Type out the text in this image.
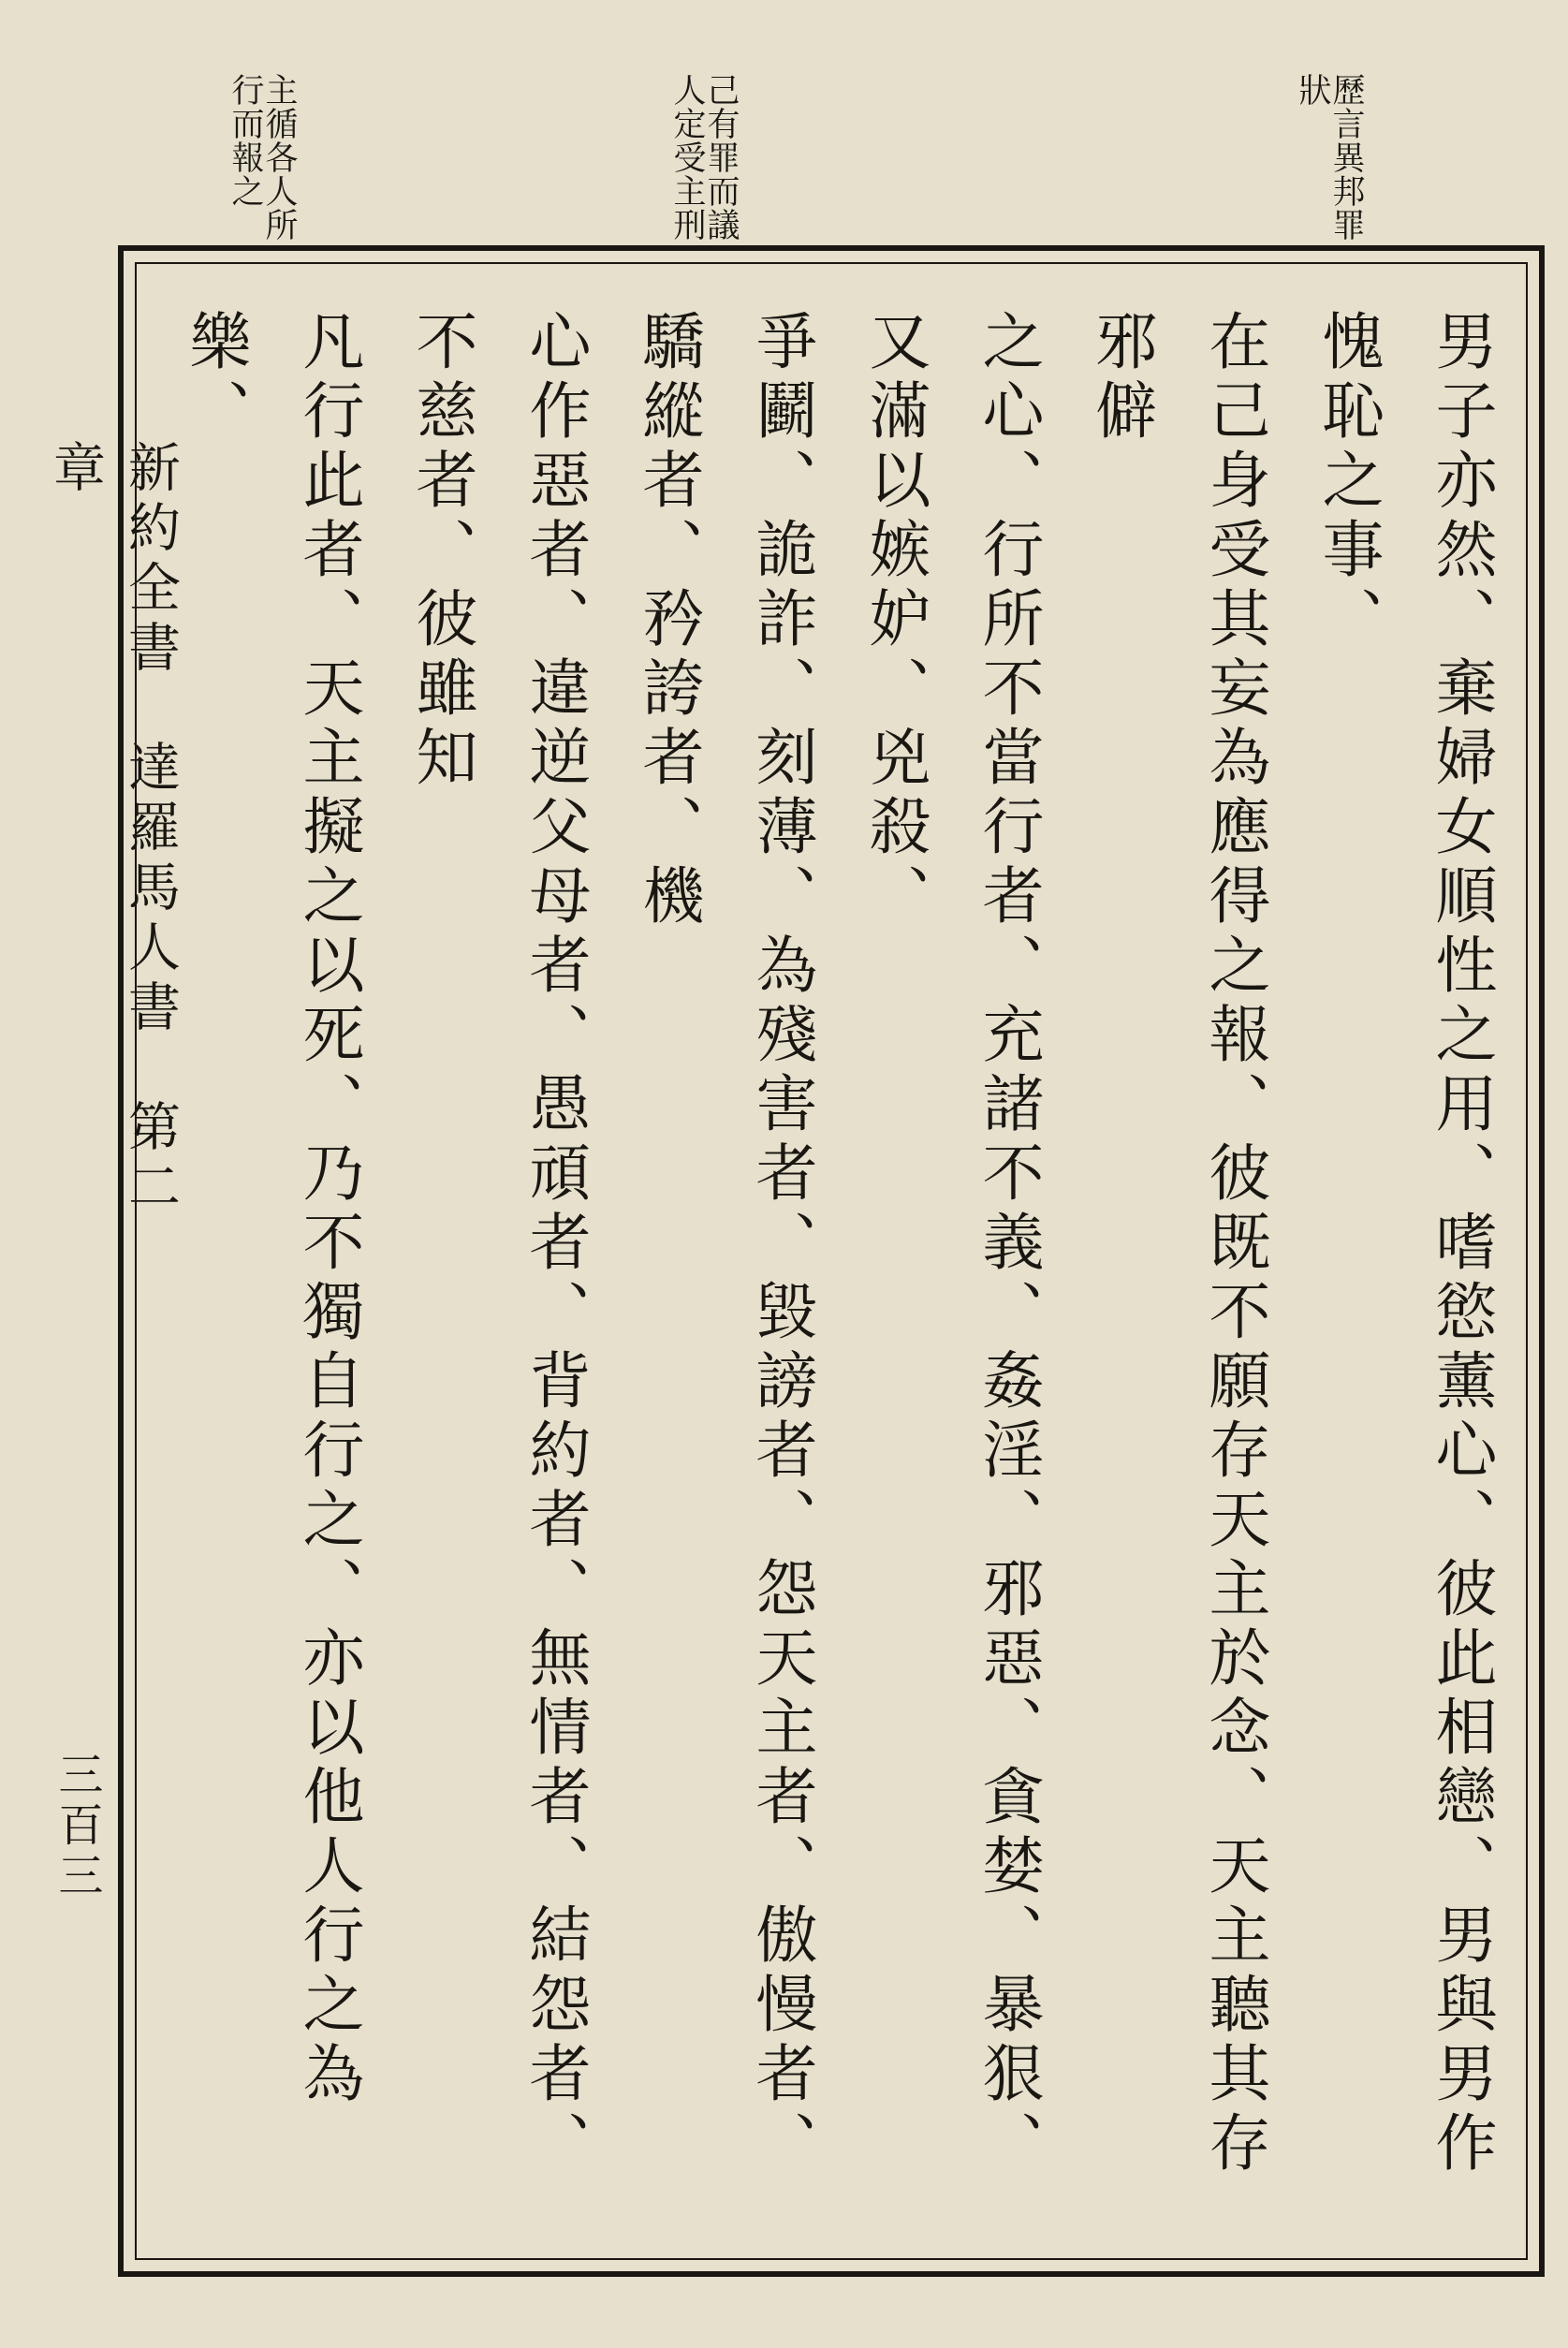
歷言異邦罪狀
己有罪而議人定受主刑
主循各人所行而報之
男子亦然、棄婦女順性之用、嗜慾薰心、彼此相戀、男與男作愧恥之事、
在己身受其妄為應得之報、彼既不願存天主於念、天主聽其存邪僻
之心、行所不當行者、充諸不義、姦淫、邪惡、貪婪、暴狠、又滿以嫉妒、兇殺、
爭鬬、詭詐、刻薄、為殘害者、毀謗者、怨天主者、傲慢者、驕縱者、矜誇者、機
心作惡者、違逆父母者、愚頑者、背約者、無情者、結怨者、不慈者、彼雖知
凡行此者、天主擬之以死、乃不獨自行之、亦以他人行之為樂、

新約全書　達羅馬人書　第二章
三百三
